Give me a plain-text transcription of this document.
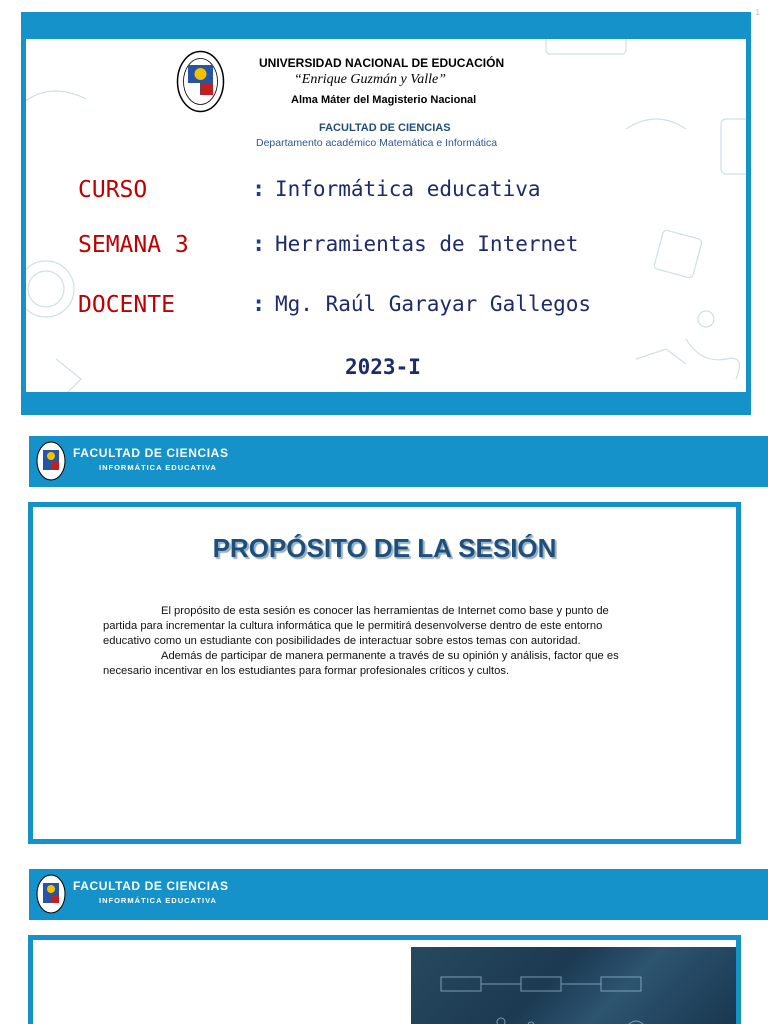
1
UNIVERSIDAD NACIONAL DE EDUCACIÓN
“Enrique Guzmán y Valle”
Alma Máter del Magisterio Nacional
FACULTAD DE CIENCIAS
Departamento académico Matemática e Informática
CURSO	: Informática educativa
SEMANA 3	: Herramientas de Internet
DOCENTE	: Mg. Raúl Garayar Gallegos
2023-I
FACULTAD DE CIENCIAS
INFORMÁTICA EDUCATIVA
PROPÓSITO DE LA SESIÓN

El propósito de esta sesión es conocer las herramientas de Internet como base y punto de partida para incrementar la cultura informática que le permitirá desenvolverse dentro de este entorno educativo como un estudiante con posibilidades de interactuar sobre estos temas con autoridad.

Además de participar de manera permanente a través de su opinión y análisis, factor que es necesario incentivar en los estudiantes para formar profesionales críticos y cultos.

FACULTAD DE CIENCIAS
INFORMÁTICA EDUCATIVA
